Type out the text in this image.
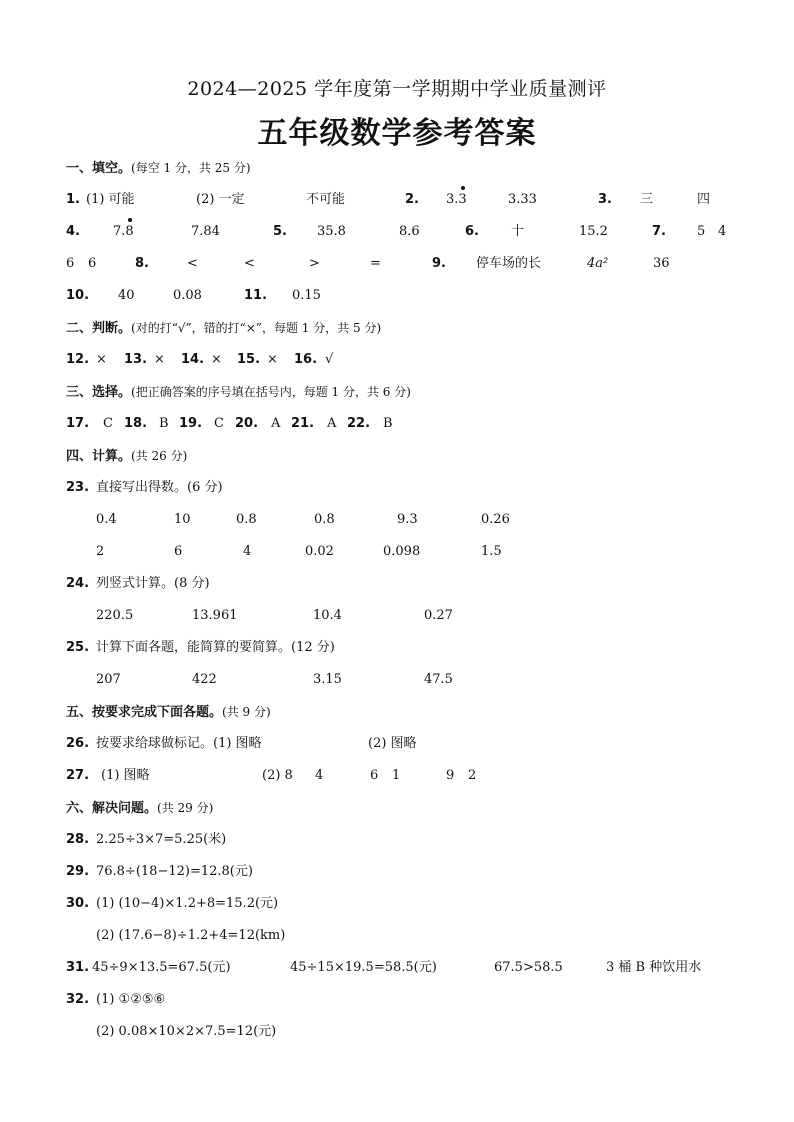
2024—2025 学年度第一学期期中学业质量测评
五年级数学参考答案
一、填空。(每空 1 分，共 25 分)
1. (1) 可能	(2) 一定	不可能	2. 3.3	3.33	3. 三	四
4.	7.8	7.84	5. 35.8	8.6	6. 十	15.2	7. 5 4
6 6	8.	<	<	>	=	9. 停车场的长	4a²	36
10. 40	0.08	11. 0.15
二、判断。(对的打“√”，错的打“×”，每题 1 分，共 5 分)
12. × 13. × 14. × 15. × 16. √
三、选择。(把正确答案的序号填在括号内，每题 1 分，共 6 分)
17. C 18. B 19. C 20. A 21. A 22. B
四、计算。(共 26 分)
23. 直接写出得数。(6 分)
0.4	10	0.8	0.8	9.3	0.26
2	6	4	0.02	0.098	1.5
24. 列竖式计算。(8 分)
220.5	13.961	10.4	0.27
25. 计算下面各题，能简算的要简算。(12 分)
207	422	3.15	47.5
五、按要求完成下面各题。(共 9 分)
26. 按要求给球做标记。(1) 图略	(2) 图略
27. (1) 图略	(2) 8 4	6 1	9 2
六、解决问题。(共 29 分)
28. 2.25÷3×7=5.25(米)
29. 76.8÷(18−12)=12.8(元)
30. (1) (10−4)×1.2+8=15.2(元)
(2) (17.6−8)÷1.2+4=12(km)
31. 45÷9×13.5=67.5(元)	45÷15×19.5=58.5(元)	67.5>58.5	3 桶 B 种饮用水
32. (1) ①②⑤⑥
(2) 0.08×10×2×7.5=12(元)
